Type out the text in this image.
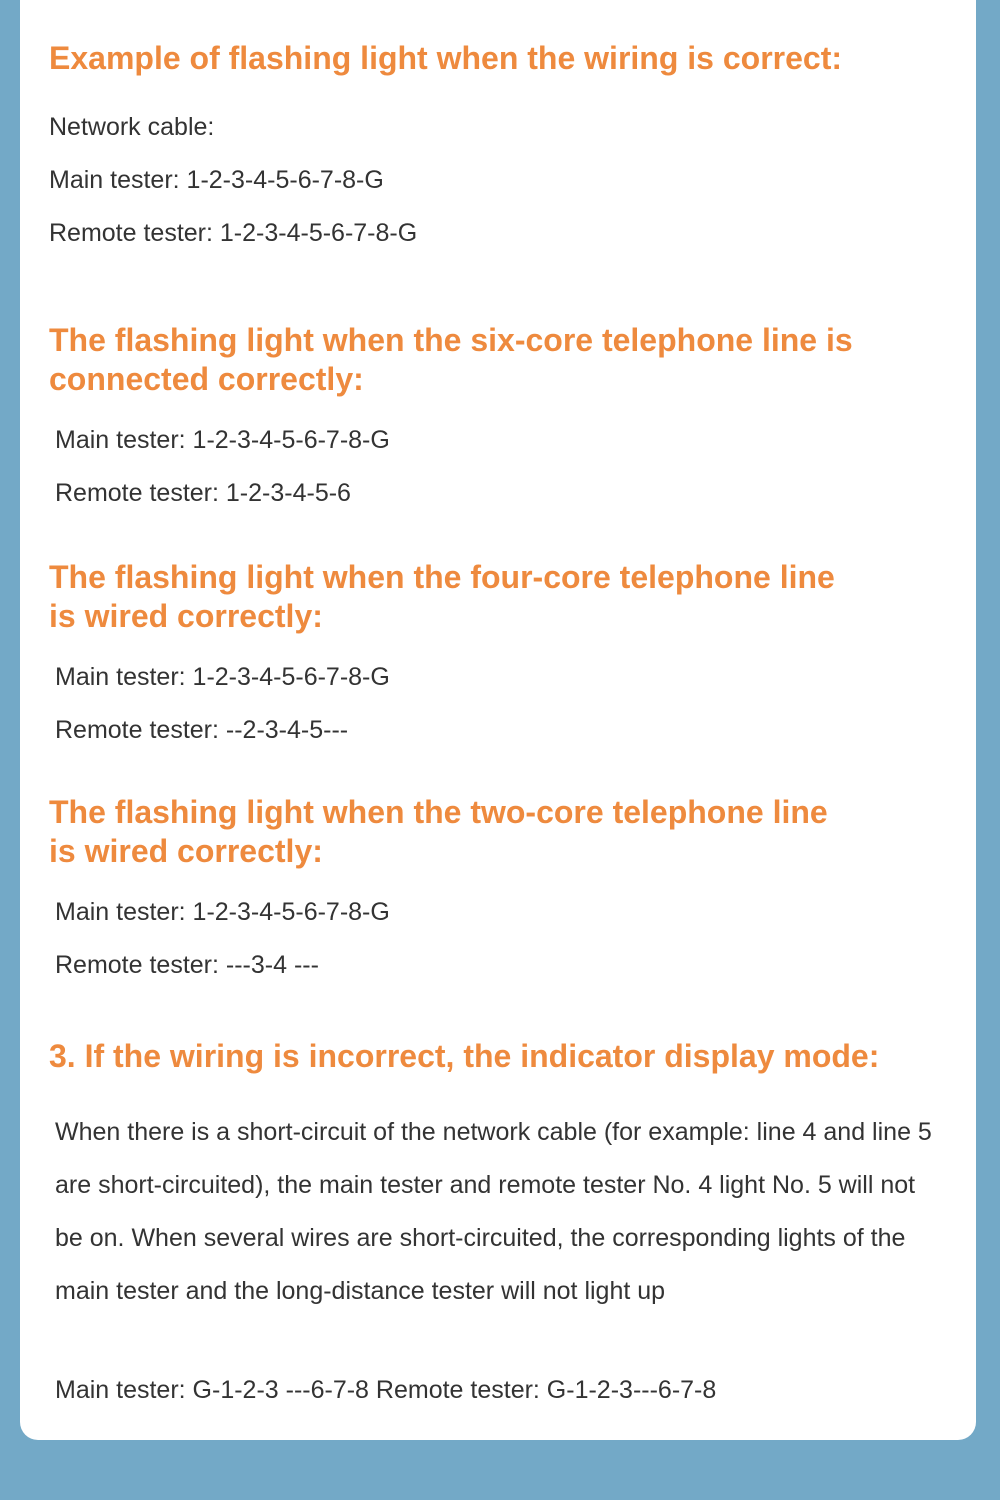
Example of flashing light when the wiring is correct:

Network cable:

Main tester: 1-2-3-4-5-6-7-8-G

Remote tester: 1-2-3-4-5-6-7-8-G

The flashing light when the six-core telephone line is
connected correctly:

Main tester: 1-2-3-4-5-6-7-8-G

Remote tester: 1-2-3-4-5-6

The flashing light when the four-core telephone line
is wired correctly:

Main tester: 1-2-3-4-5-6-7-8-G

Remote tester: --2-3-4-5---

The flashing light when the two-core telephone line
is wired correctly:

Main tester: 1-2-3-4-5-6-7-8-G

Remote tester: ---3-4 ---

3. If the wiring is incorrect, the indicator display mode:

When there is a short-circuit of the network cable (for example: line 4 and line 5 are short-circuited), the main tester and remote tester No. 4 light No. 5 will not be on. When several wires are short-circuited, the corresponding lights of the main tester and the long-distance tester will not light up

Main tester: G-1-2-3 ---6-7-8 Remote tester: G-1-2-3---6-7-8
